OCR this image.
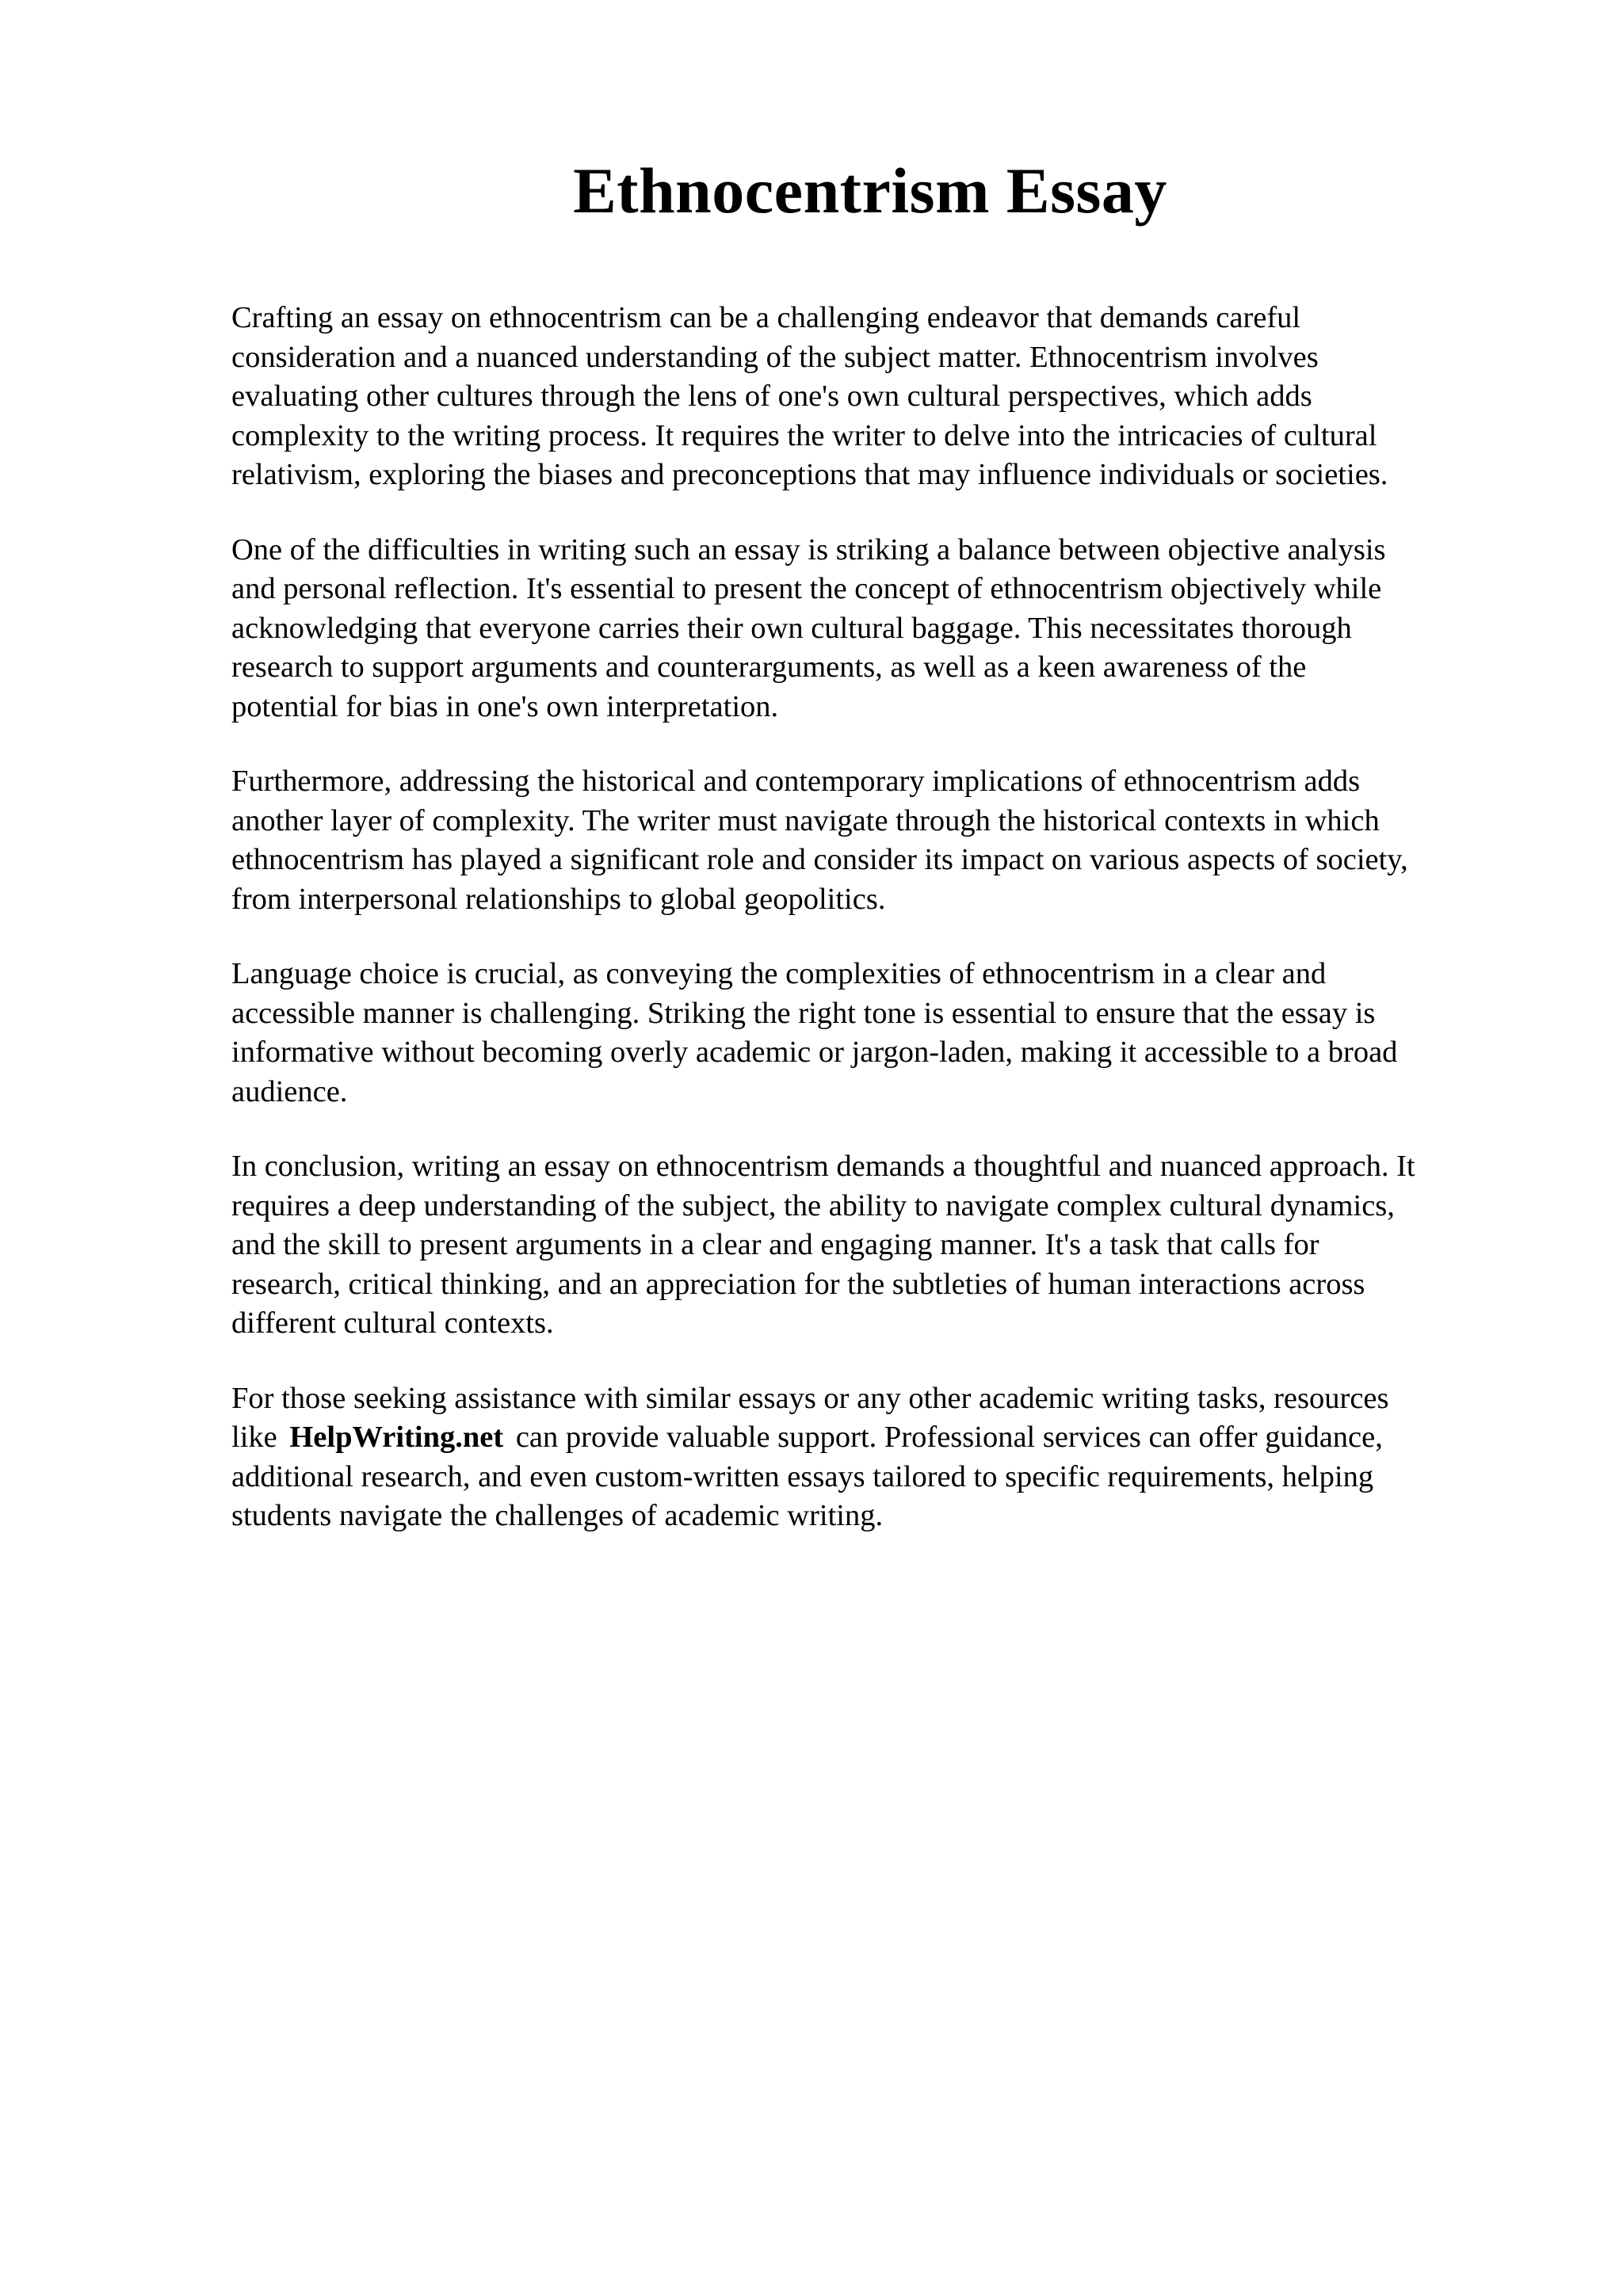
Ethnocentrism Essay

Crafting an essay on ethnocentrism can be a challenging endeavor that demands careful
consideration and a nuanced understanding of the subject matter. Ethnocentrism involves
evaluating other cultures through the lens of one's own cultural perspectives, which adds
complexity to the writing process. It requires the writer to delve into the intricacies of cultural
relativism, exploring the biases and preconceptions that may influence individuals or societies.

One of the difficulties in writing such an essay is striking a balance between objective analysis
and personal reflection. It's essential to present the concept of ethnocentrism objectively while
acknowledging that everyone carries their own cultural baggage. This necessitates thorough
research to support arguments and counterarguments, as well as a keen awareness of the
potential for bias in one's own interpretation.

Furthermore, addressing the historical and contemporary implications of ethnocentrism adds
another layer of complexity. The writer must navigate through the historical contexts in which
ethnocentrism has played a significant role and consider its impact on various aspects of society,
from interpersonal relationships to global geopolitics.

Language choice is crucial, as conveying the complexities of ethnocentrism in a clear and
accessible manner is challenging. Striking the right tone is essential to ensure that the essay is
informative without becoming overly academic or jargon-laden, making it accessible to a broad
audience.

In conclusion, writing an essay on ethnocentrism demands a thoughtful and nuanced approach. It
requires a deep understanding of the subject, the ability to navigate complex cultural dynamics,
and the skill to present arguments in a clear and engaging manner. It's a task that calls for
research, critical thinking, and an appreciation for the subtleties of human interactions across
different cultural contexts.

For those seeking assistance with similar essays or any other academic writing tasks, resources
like HelpWriting.net can provide valuable support. Professional services can offer guidance,
additional research, and even custom-written essays tailored to specific requirements, helping
students navigate the challenges of academic writing.
